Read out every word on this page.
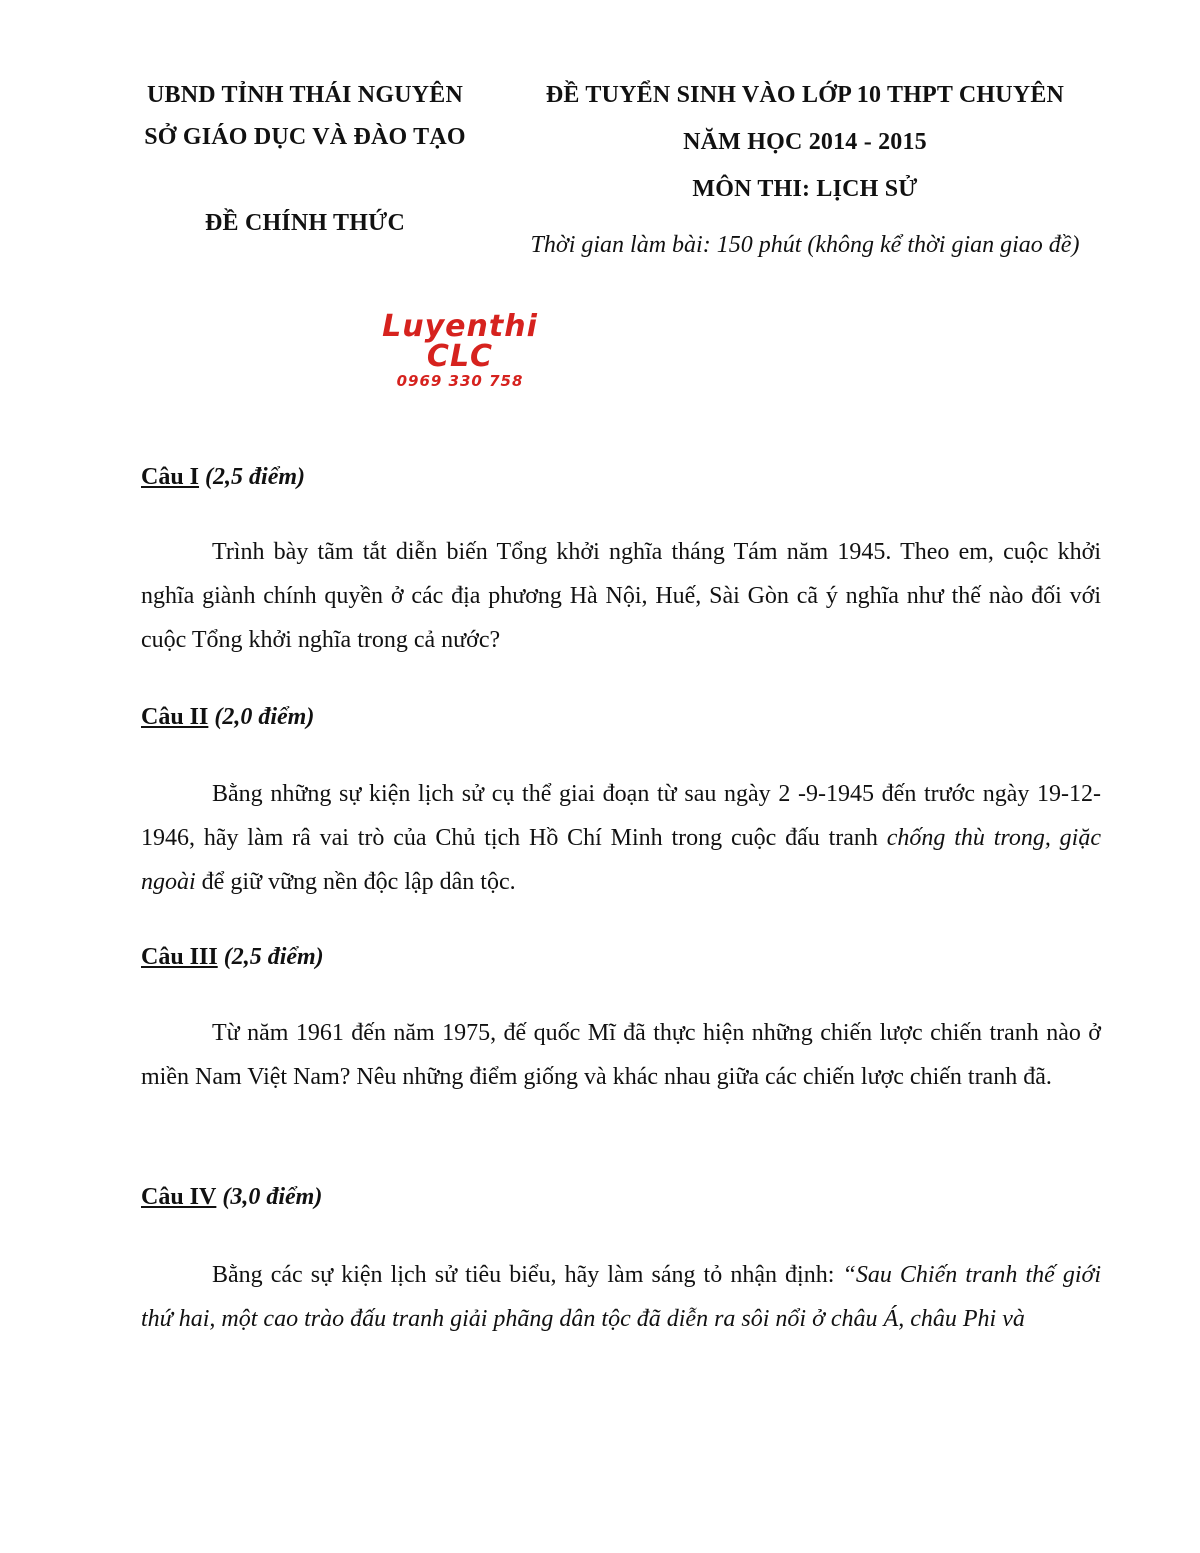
UBND TỈNH THÁI NGUYÊN
SỞ GIÁO DỤC VÀ ĐÀO TẠO
ĐỀ CHÍNH THỨC
ĐỀ TUYỂN SINH VÀO LỚP 10 THPT CHUYÊN
NĂM HỌC 2014 - 2015
MÔN THI: LỊCH SỬ
Thời gian làm bài: 150 phút (không kể thời gian giao đề)
Luyenthi CLC
0969 330 758
Câu I (2,5 điểm)

Trình bày tãm tắt diễn biến Tổng khởi nghĩa tháng Tám năm 1945. Theo em, cuộc khởi nghĩa giành chính quyền ở các địa phương Hà Nội, Huế, Sài Gòn cã ý nghĩa như thế nào đối với cuộc Tổng khởi nghĩa trong cả nước?

Câu II (2,0 điểm)

Bằng những sự kiện lịch sử cụ thể giai đoạn từ sau ngày 2 -9-1945 đến trước ngày 19-12-1946, hãy làm râ vai trò của Chủ tịch Hồ Chí Minh trong cuộc đấu tranh chống thù trong, giặc ngoài để giữ vững nền độc lập dân tộc.

Câu III (2,5 điểm)

Từ năm 1961 đến năm 1975, đế quốc Mĩ đã thực hiện những chiến lược chiến tranh nào ở miền Nam Việt Nam? Nêu những điểm giống và khác nhau giữa các chiến lược chiến tranh đã.

Câu IV (3,0 điểm)

Bằng các sự kiện lịch sử tiêu biểu, hãy làm sáng tỏ nhận định: “Sau Chiến tranh thế giới thứ hai, một cao trào đấu tranh giải phãng dân tộc đã diễn ra sôi nổi ở châu Á, châu Phi và
